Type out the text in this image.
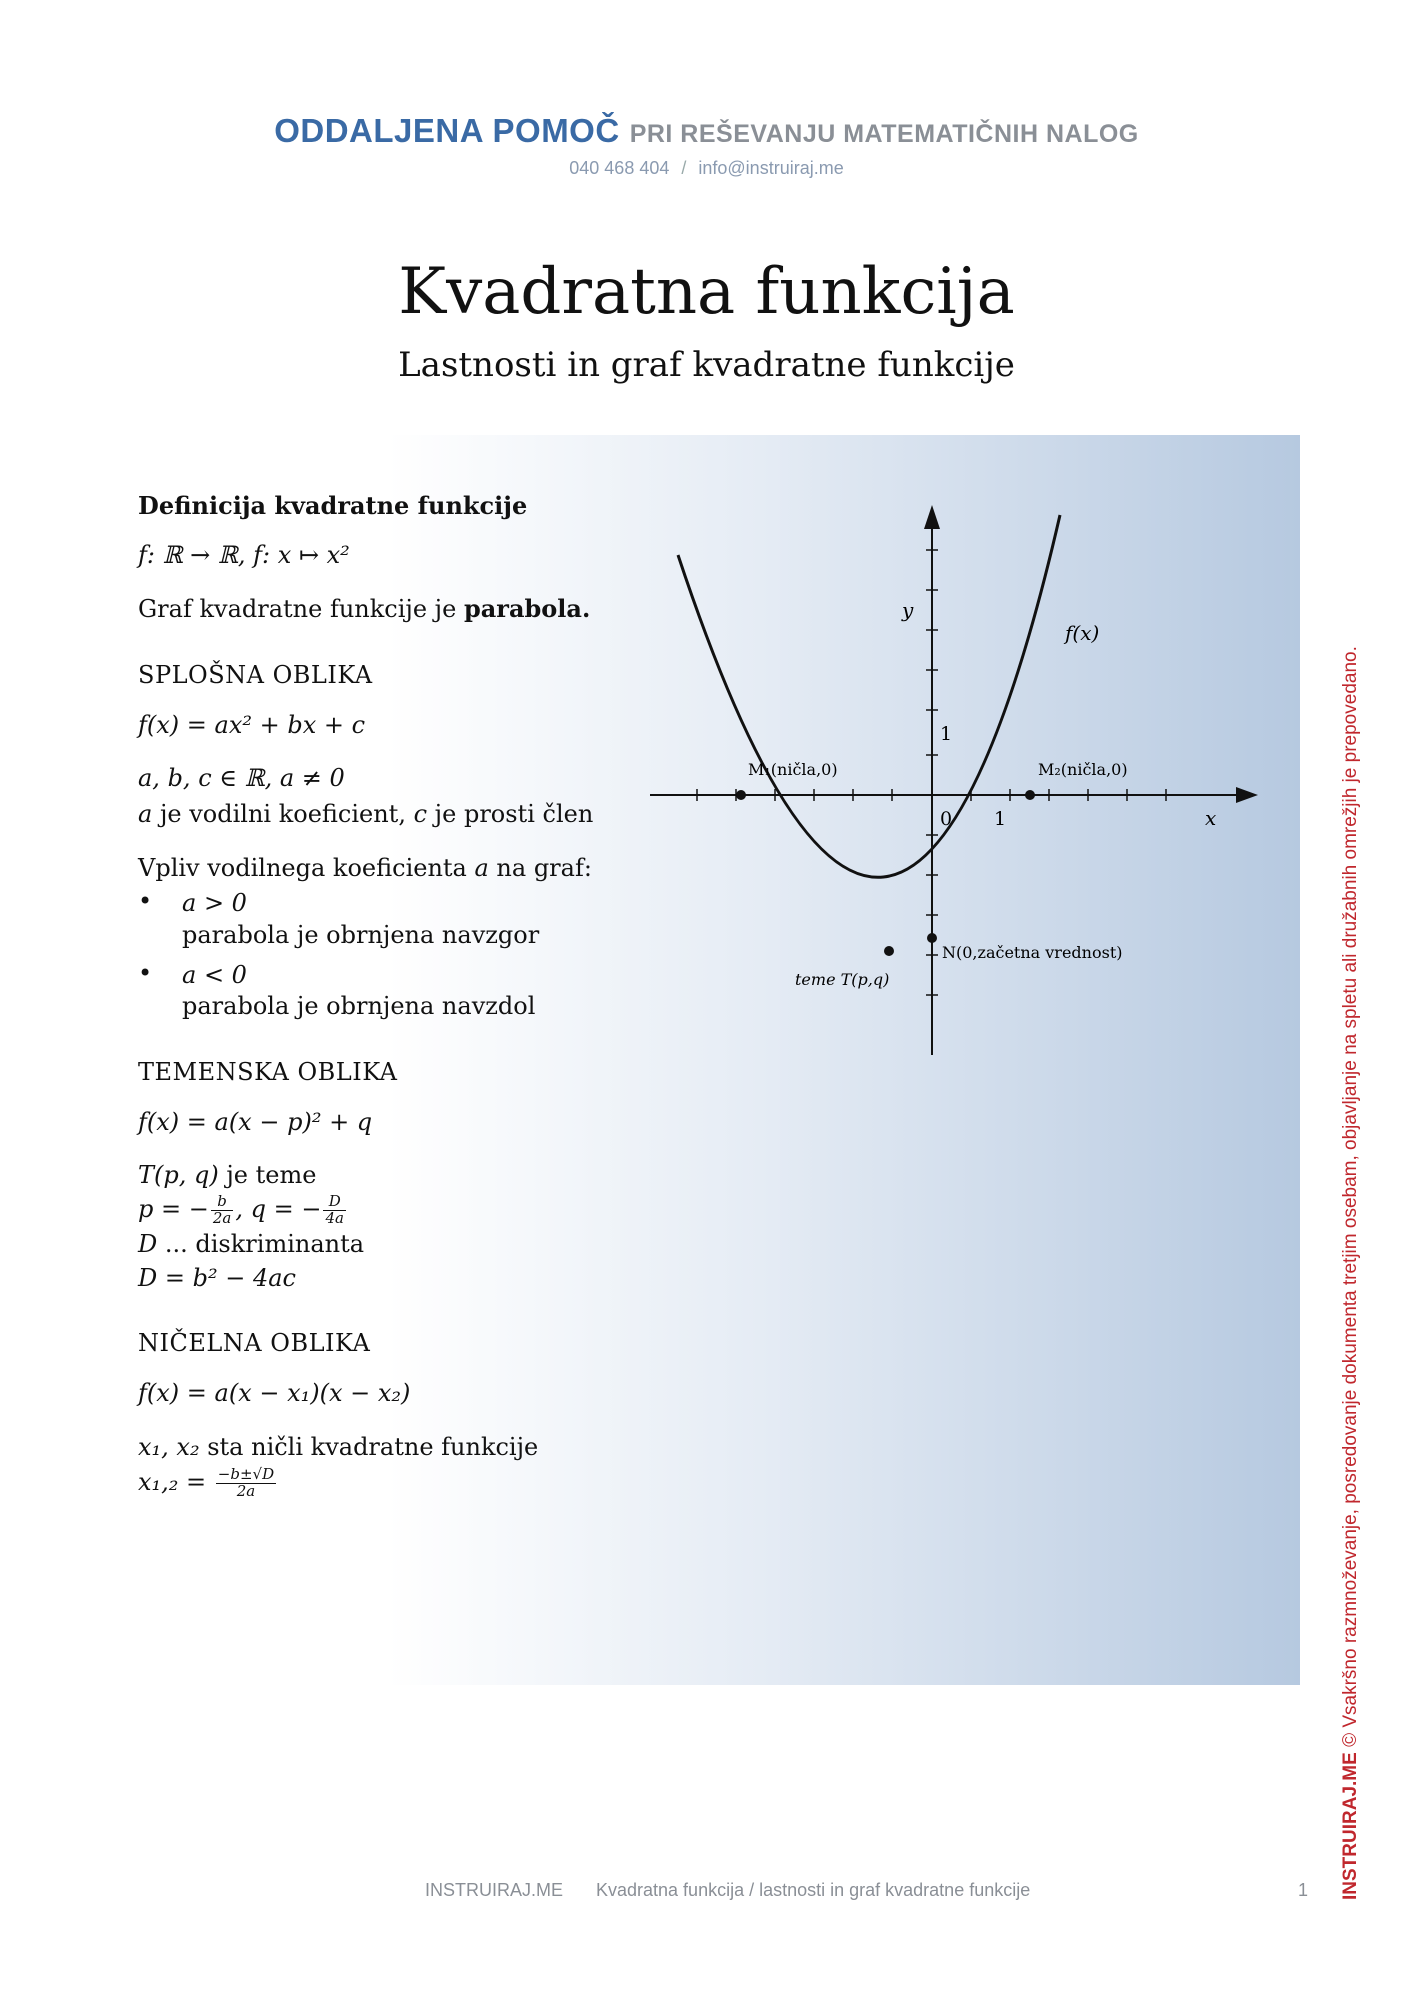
ODDALJENA POMOČ PRI REŠEVANJU MATEMATIČNIH NALOG
040 468 404 / info@instruiraj.me
Kvadratna funkcija
Lastnosti in graf kvadratne funkcije
Definicija kvadratne funkcije
f: ℝ → ℝ, f: x ↦ x²
Graf kvadratne funkcije je parabola.
SPLOŠNA OBLIKA
f(x) = ax² + bx + c
a, b, c ∈ ℝ, a ≠ 0
a je vodilni koeficient, c je prosti člen
Vpliv vodilnega koeficienta a na graf:
• a > 0
parabola je obrnjena navzgor
• a < 0
parabola je obrnjena navzdol
TEMENSKA OBLIKA
f(x) = a(x − p)² + q
T(p, q) je teme
p = − $\frac{b}{2a}$ , q = − $\frac{D}{4a}$
D ... diskriminanta
D = b² − 4ac
NIČELNA OBLIKA
f(x) = a(x − x₁)(x − x₂)
x₁, x₂ sta ničli kvadratne funkcije
$x_1,_2 = \frac{-b\pm√D}{2a}$
y
x
f(x)
1
0 1
M₁(ničla,0)	M₂(ničla,0)
N(0,začetna vrednost)
teme T(p,q)
INSTRUIRAJ.ME Kvadratna funkcija / lastnosti in graf kvadratne funkcije	1 INSTRUIRAJ.ME © Vsakršno razmnoževanje, posredovanje dokumenta tretjim osebam, objavljanje na spletu ali družabnih omrežjih je prepovedano.
